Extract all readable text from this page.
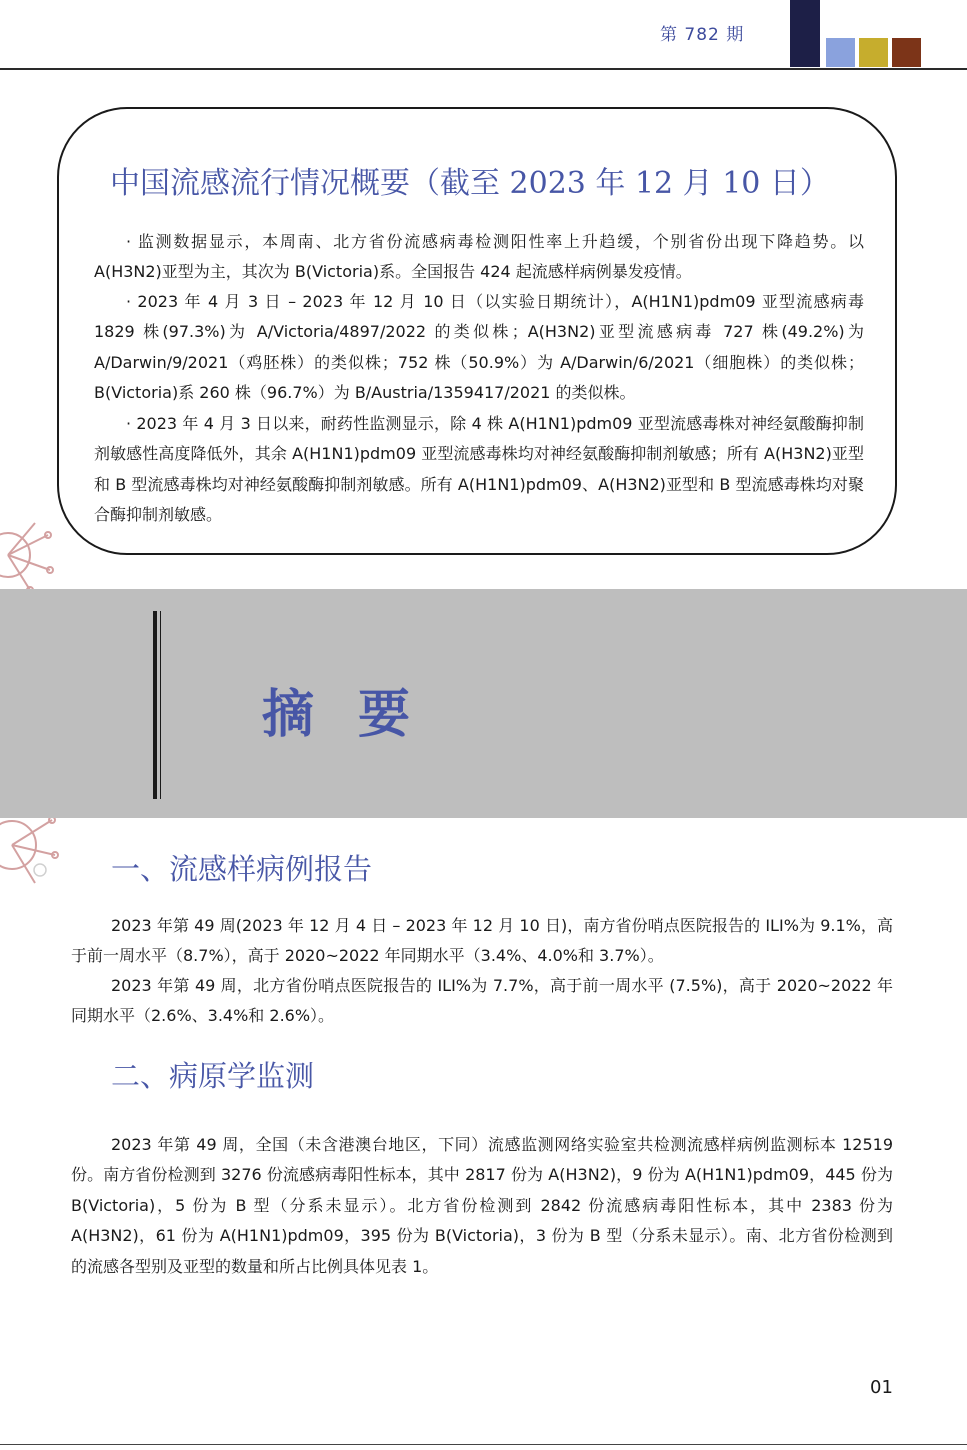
第 782 期
中国流感流行情况概要（截至 2023 年 12 月 10 日）

· 监测数据显示，本周南、北方省份流感病毒检测阳性率上升趋缓，个别省份出现下降趋势。以 A(H3N2)亚型为主，其次为 B(Victoria)系。全国报告 424 起流感样病例暴发疫情。

· 2023 年 4 月 3 日 – 2023 年 12 月 10 日（以实验日期统计），A(H1N1)pdm09 亚型流感病毒 1829 株(97.3%)为 A/Victoria/4897/2022 的类似株；A(H3N2)亚型流感病毒 727 株(49.2%)为 A/Darwin/9/2021（鸡胚株）的类似株；752 株（50.9%）为 A/Darwin/6/2021（细胞株）的类似株；B(Victoria)系 260 株（96.7%）为 B/Austria/1359417/2021 的类似株。

· 2023 年 4 月 3 日以来，耐药性监测显示，除 4 株 A(H1N1)pdm09 亚型流感毒株对神经氨酸酶抑制剂敏感性高度降低外，其余 A(H1N1)pdm09 亚型流感毒株均对神经氨酸酶抑制剂敏感；所有 A(H3N2)亚型和 B 型流感毒株均对神经氨酸酶抑制剂敏感。所有 A(H1N1)pdm09、A(H3N2)亚型和 B 型流感毒株均对聚合酶抑制剂敏感。

摘要
一、流感样病例报告

2023 年第 49 周(2023 年 12 月 4 日 – 2023 年 12 月 10 日)，南方省份哨点医院报告的 ILI%为 9.1%，高于前一周水平（8.7%），高于 2020~2022 年同期水平（3.4%、4.0%和 3.7%）。

2023 年第 49 周，北方省份哨点医院报告的 ILI%为 7.7%，高于前一周水平 (7.5%)，高于 2020~2022 年同期水平（2.6%、3.4%和 2.6%）。

二、病原学监测

2023 年第 49 周，全国（未含港澳台地区，下同）流感监测网络实验室共检测流感样病例监测标本 12519 份。南方省份检测到 3276 份流感病毒阳性标本，其中 2817 份为 A(H3N2)，9 份为 A(H1N1)pdm09，445 份为 B(Victoria)，5 份为 B 型（分系未显示）。北方省份检测到 2842 份流感病毒阳性标本，其中 2383 份为 A(H3N2)，61 份为 A(H1N1)pdm09，395 份为 B(Victoria)，3 份为 B 型（分系未显示）。南、北方省份检测到的流感各型别及亚型的数量和所占比例具体见表 1。

01
